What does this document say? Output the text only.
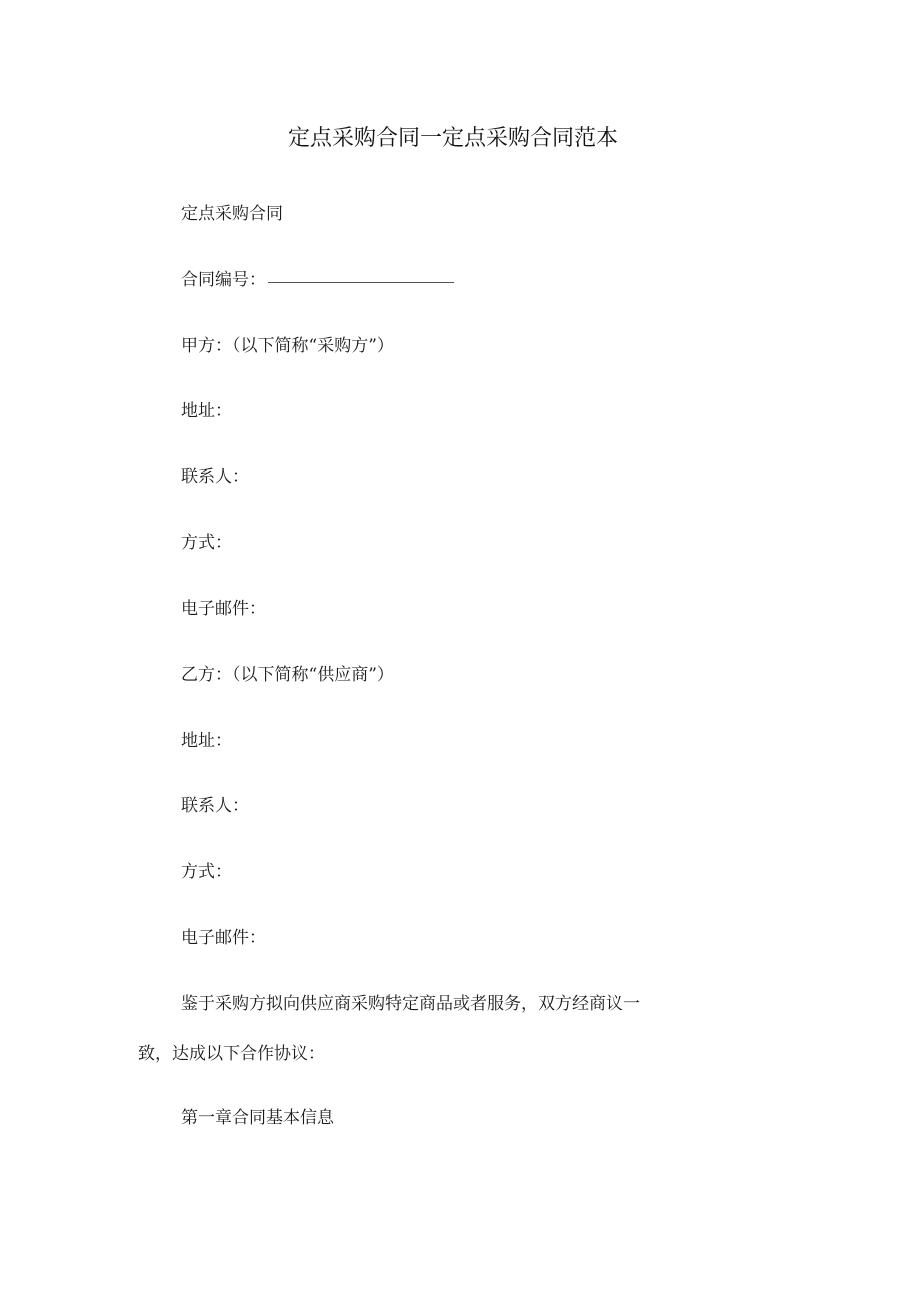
定点采购合同一定点采购合同范本
定点采购合同
合同编号：
甲方：（以下简称“采购方”）
地址：
联系人：
方式：
电子邮件：
乙方：（以下简称“供应商”）
地址：
联系人：
方式：
电子邮件：
鉴于采购方拟向供应商采购特定商品或者服务，双方经商议一
致，达成以下合作协议：
第一章合同基本信息
